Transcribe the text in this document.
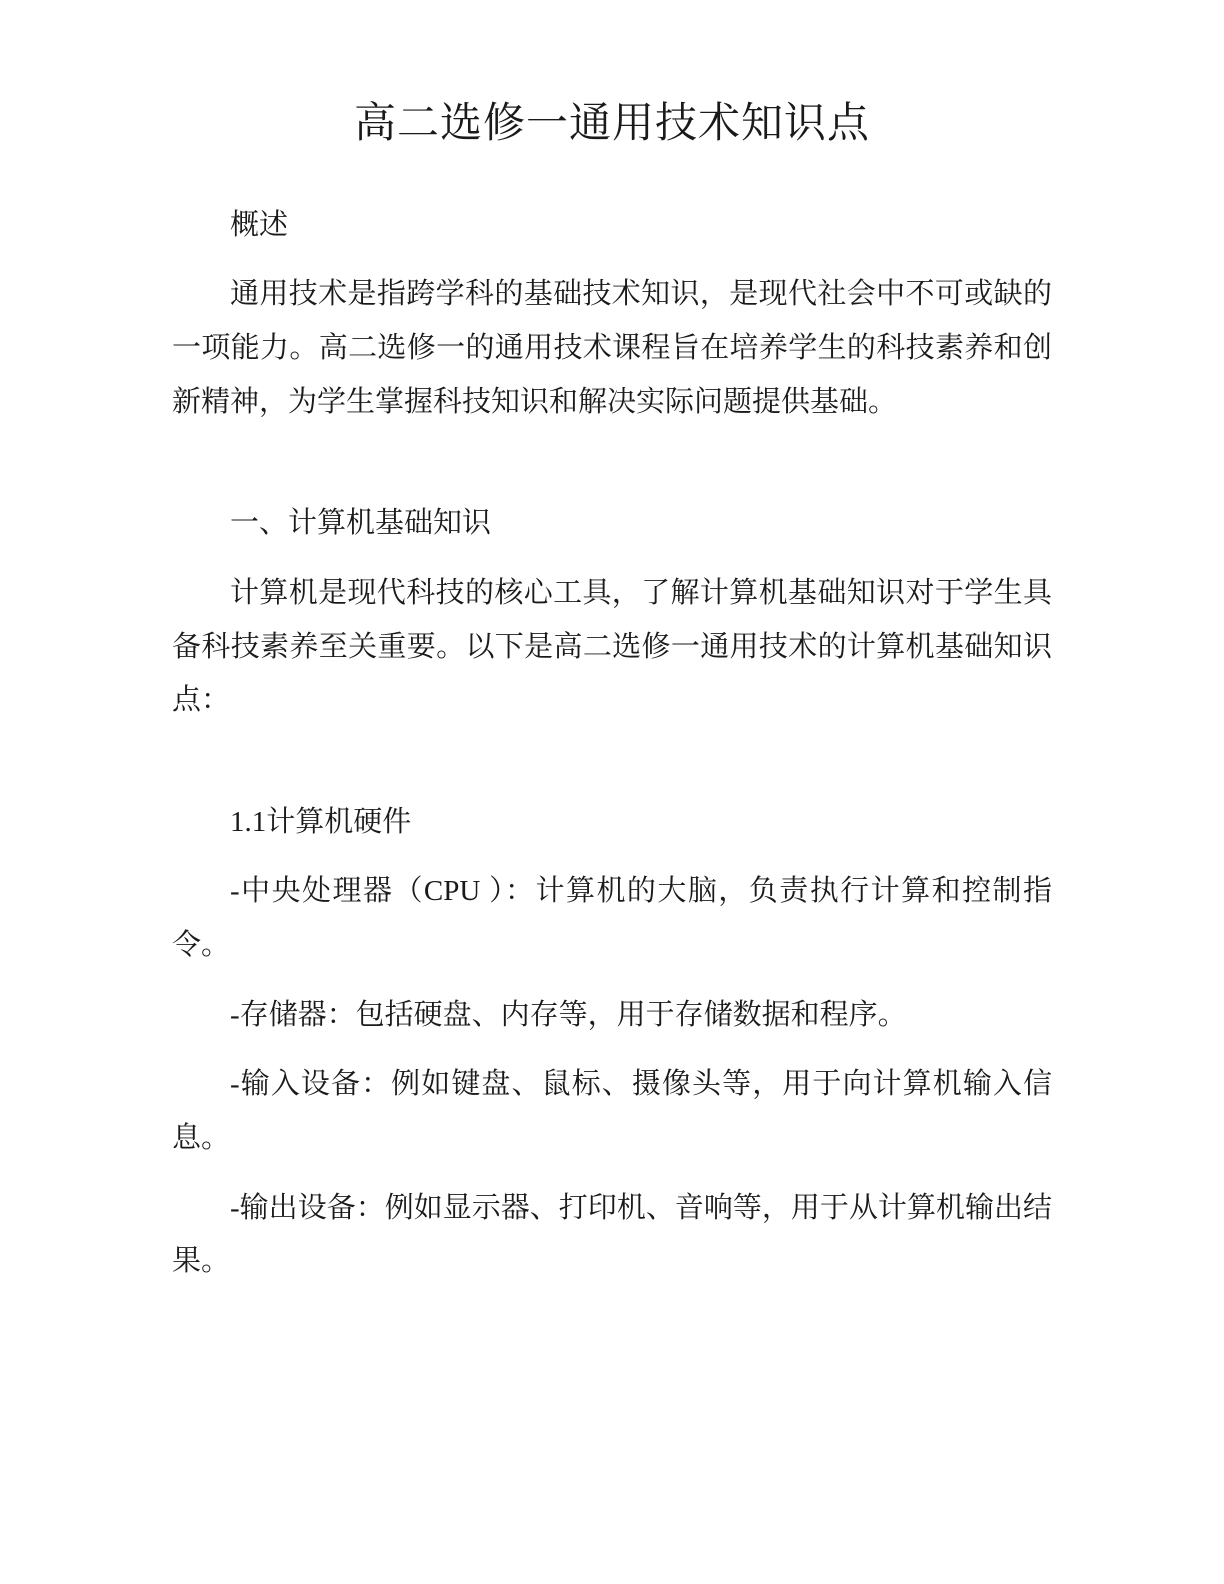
高二选修一通用技术知识点

概述

通用技术是指跨学科的基础技术知识，是现代社会中不可或缺的一项能力。高二选修一的通用技术课程旨在培养学生的科技素养和创新精神，为学生掌握科技知识和解决实际问题提供基础。

一、计算机基础知识

计算机是现代科技的核心工具，了解计算机基础知识对于学生具备科技素养至关重要。以下是高二选修一通用技术的计算机基础知识点：

1.1计算机硬件

-中央处理器（CPU ）：计算机的大脑，负责执行计算和控制指令。

-存储器：包括硬盘、内存等，用于存储数据和程序。

-输入设备：例如键盘、鼠标、摄像头等，用于向计算机输入信息。

-输出设备：例如显示器、打印机、音响等，用于从计算机输出结果。
